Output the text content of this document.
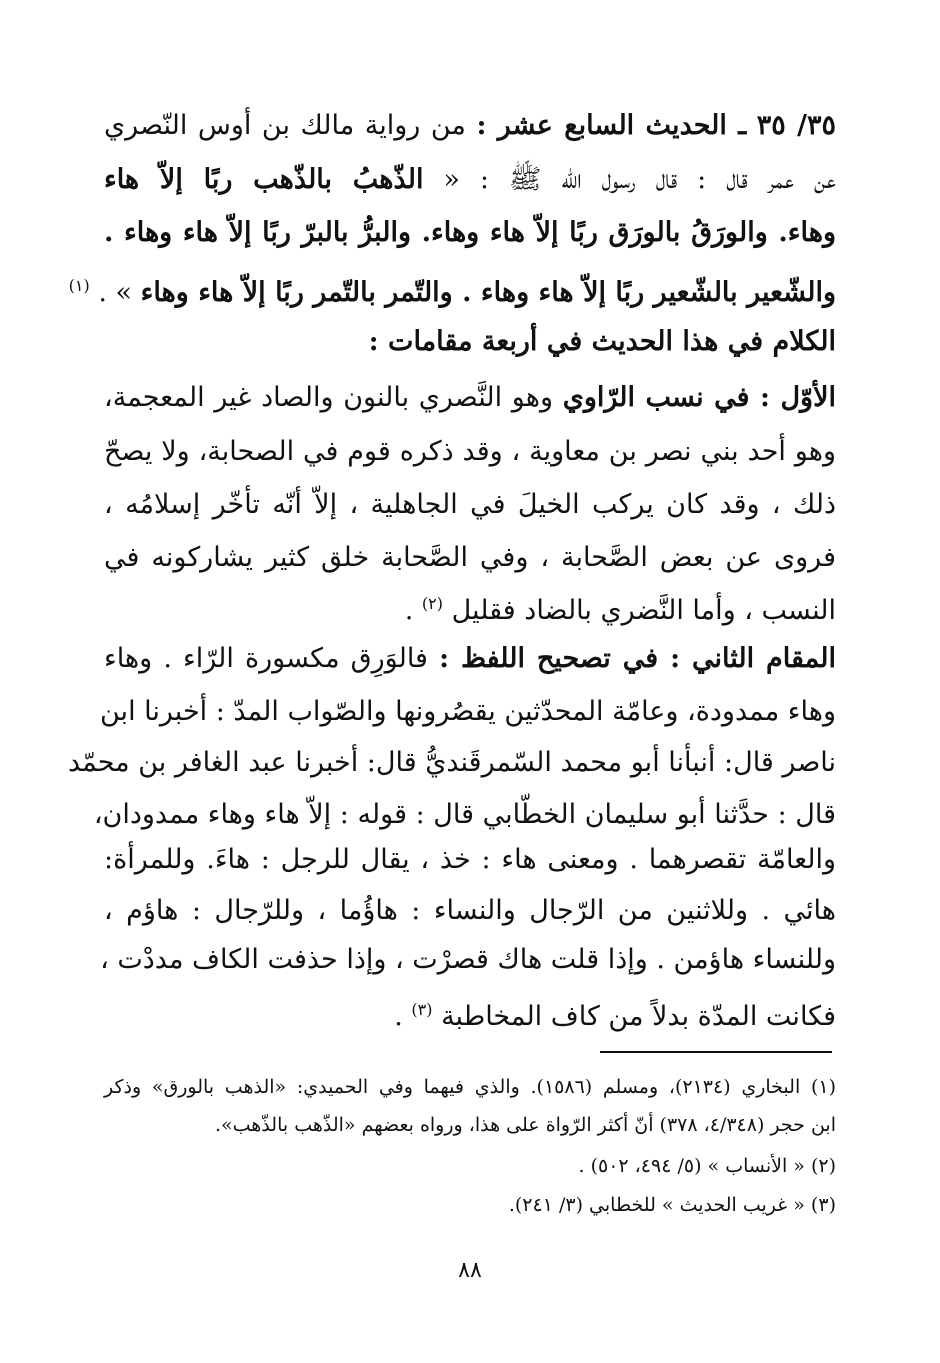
٣٥/ ٣٥ ـ الحديث السابع عشر : من رواية مالك بن أوس النّصري
عن عمر قال : قال رسول الله ﷺ : « الذّهبُ بالذّهب ربًا إلاّ هاء
وهاء. والورَقُ بالورَق ربًا إلاّ هاء وهاء. والبرُّ بالبرّ ربًا إلاّ هاء وهاء .
والشّعير بالشّعير ربًا إلاّ هاء وهاء . والتّمر بالتّمر ربًا إلاّ هاء وهاء » . $^{(١)}$
الكلام في هذا الحديث في أربعة مقامات :
الأوّل : في نسب الرّاوي وهو النَّصري بالنون والصاد غير المعجمة،
وهو أحد بني نصر بن معاوية ، وقد ذكره قوم في الصحابة، ولا يصحّ
ذلك ، وقد كان يركب الخيلَ في الجاهلية ، إلاّ أنّه تأخّر إسلامُه ،
فروى عن بعض الصَّحابة ، وفي الصَّحابة خلق كثير يشاركونه في
النسب ، وأما النَّضري بالضاد فقليل $^{(٢)}$ .
المقام الثاني : في تصحيح اللفظ : فالوَرِق مكسورة الرّاء . وهاء
وهاء ممدودة، وعامّة المحدّثين يقصُرونها والصّواب المدّ : أخبرنا ابن
ناصر قال: أنبأنا أبو محمد السّمرقَنديُّ قال: أخبرنا عبد الغافر بن محمّد
قال : حدَّثنا أبو سليمان الخطّابي قال : قوله : إلاّ هاء وهاء ممدودان،
والعامّة تقصرهما . ومعنى هاء : خذ ، يقال للرجل : هاءَ. وللمرأة:
هائي . وللاثنين من الرّجال والنساء : هاؤُما ، وللرّجال : هاؤم ،
وللنساء هاؤمن . وإذا قلت هاك قصرْت ، وإذا حذفت الكاف مددْت ،
فكانت المدّة بدلاً من كاف المخاطبة $^{(٣)}$ .
(١) البخاري (٢١٣٤)، ومسلم (١٥٨٦). والذي فيهما وفي الحميدي: «الذهب بالورق» وذكر
ابن حجر (٤/٣٤٨، ٣٧٨) أنّ أكثر الرّواة على هذا، ورواه بعضهم «الذّهب بالذّهب».
(٢) « الأنساب » (٥/ ٤٩٤، ٥٠٢) .
(٣) « غريب الحديث » للخطابي (٣/ ٢٤١).
٨٨
